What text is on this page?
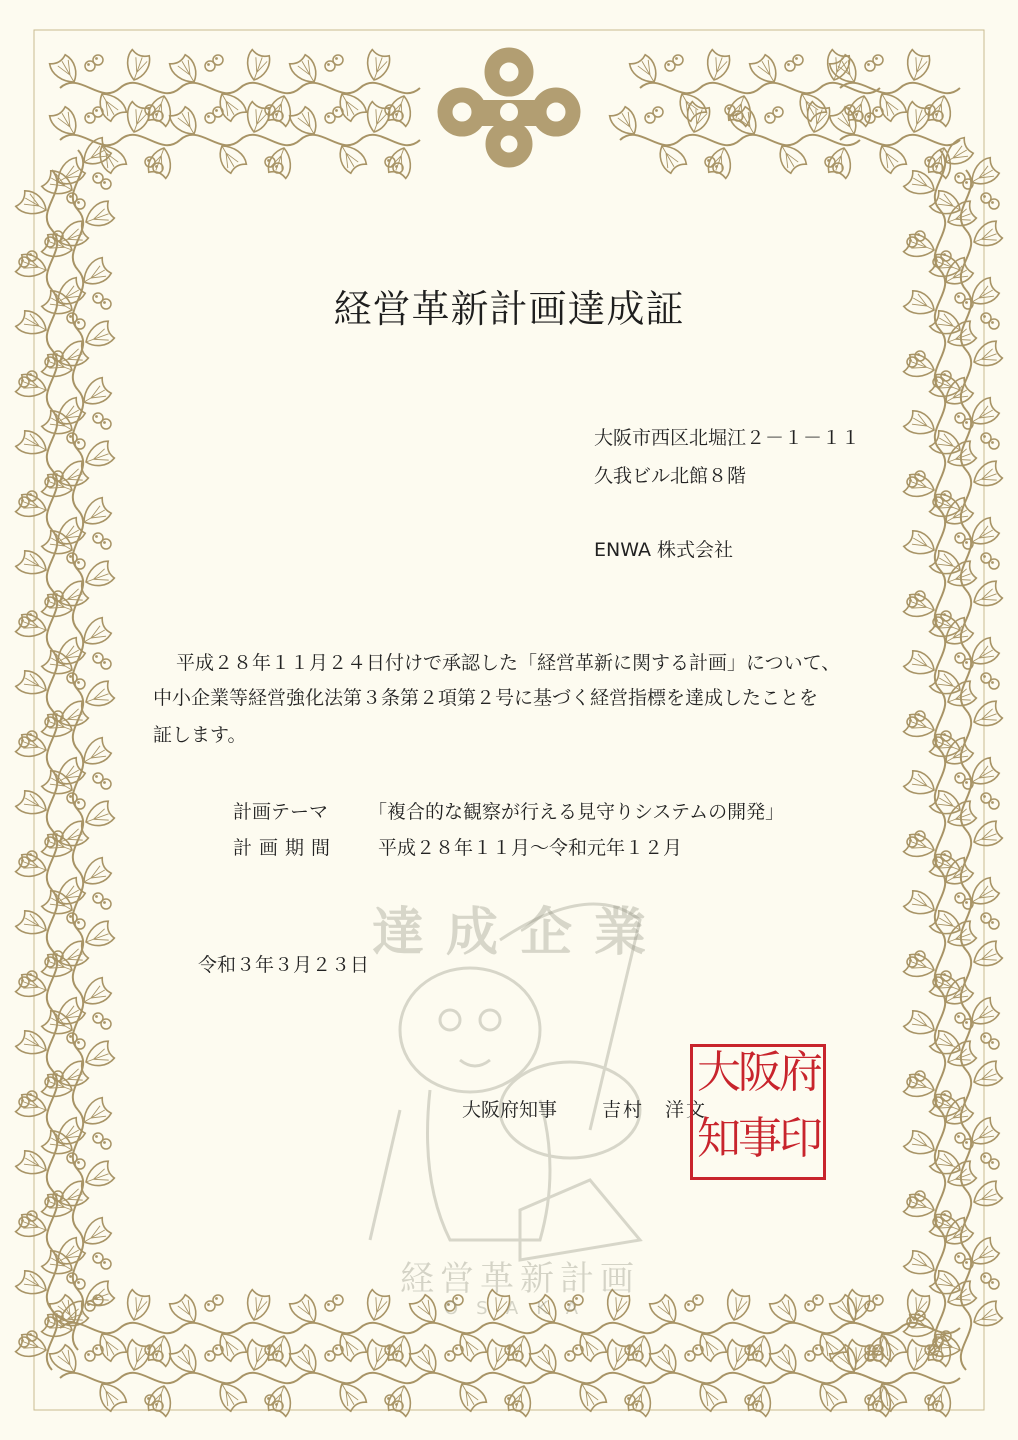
達成企業
経営革新計画
OSAKA
経営革新計画達成証
大阪市西区北堀江２－１－１１
久我ビル北館８階
ENWA 株式会社
平成２８年１１月２４日付けで承認した「経営革新に関する計画」について、
中小企業等経営強化法第３条第２項第２号に基づく経営指標を達成したことを
証します。
計画テーマ 「複合的な観察が行える見守りシステムの開発」
計画期間 平成２８年１１月～令和元年１２月
令和３年３月２３日
大阪府知事 吉村　洋文
府
阪
大
印
事
知
